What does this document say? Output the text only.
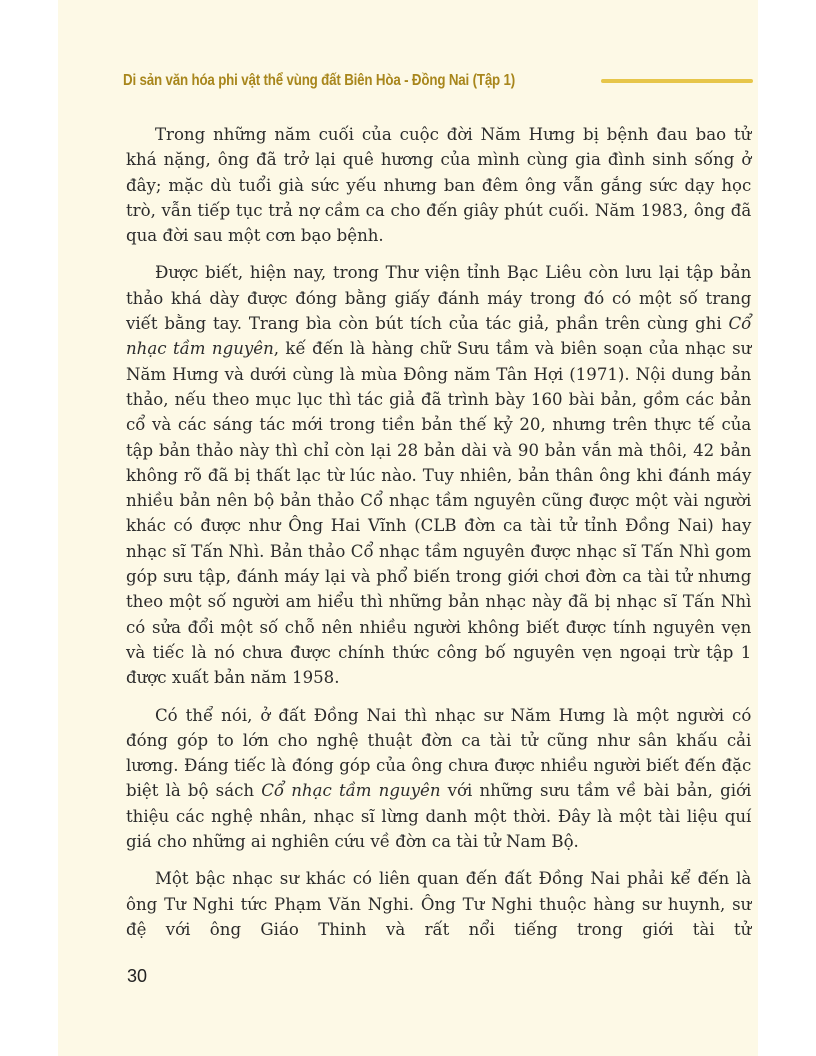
Di sản văn hóa phi vật thể vùng đất Biên Hòa - Đồng Nai (Tập 1)

Trong những năm cuối của cuộc đời Năm Hưng bị bệnh đau bao tử khá nặng, ông đã trở lại quê hương của mình cùng gia đình sinh sống ở đây; mặc dù tuổi già sức yếu nhưng ban đêm ông vẫn gắng sức dạy học trò, vẫn tiếp tục trả nợ cầm ca cho đến giây phút cuối. Năm 1983, ông đã qua đời sau một cơn bạo bệnh.

Được biết, hiện nay, trong Thư viện tỉnh Bạc Liêu còn lưu lại tập bản thảo khá dày được đóng bằng giấy đánh máy trong đó có một số trang viết bằng tay. Trang bìa còn bút tích của tác giả, phần trên cùng ghi Cổ nhạc tầm nguyên, kế đến là hàng chữ Sưu tầm và biên soạn của nhạc sư Năm Hưng và dưới cùng là mùa Đông năm Tân Hợi (1971). Nội dung bản thảo, nếu theo mục lục thì tác giả đã trình bày 160 bài bản, gồm các bản cổ và các sáng tác mới trong tiền bản thế kỷ 20, nhưng trên thực tế của tập bản thảo này thì chỉ còn lại 28 bản dài và 90 bản vắn mà thôi, 42 bản không rõ đã bị thất lạc từ lúc nào. Tuy nhiên, bản thân ông khi đánh máy nhiều bản nên bộ bản thảo Cổ nhạc tầm nguyên cũng được một vài người khác có được như Ông Hai Vĩnh (CLB đờn ca tài tử tỉnh Đồng Nai) hay nhạc sĩ Tấn Nhì. Bản thảo Cổ nhạc tầm nguyên được nhạc sĩ Tấn Nhì gom góp sưu tập, đánh máy lại và phổ biến trong giới chơi đờn ca tài tử nhưng theo một số người am hiểu thì những bản nhạc này đã bị nhạc sĩ Tấn Nhì có sửa đổi một số chỗ nên nhiều người không biết được tính nguyên vẹn và tiếc là nó chưa được chính thức công bố nguyên vẹn ngoại trừ tập 1 được xuất bản năm 1958.

Có thể nói, ở đất Đồng Nai thì nhạc sư Năm Hưng là một người có đóng góp to lớn cho nghệ thuật đờn ca tài tử cũng như sân khấu cải lương. Đáng tiếc là đóng góp của ông chưa được nhiều người biết đến đặc biệt là bộ sách Cổ nhạc tầm nguyên với những sưu tầm về bài bản, giới thiệu các nghệ nhân, nhạc sĩ lừng danh một thời. Đây là một tài liệu quí giá cho những ai nghiên cứu về đờn ca tài tử Nam Bộ.

Một bậc nhạc sư khác có liên quan đến đất Đồng Nai phải kể đến là ông Tư Nghi tức Phạm Văn Nghi. Ông Tư Nghi thuộc hàng sư huynh, sư đệ với ông Giáo Thinh và rất nổi tiếng trong giới tài tử

30
